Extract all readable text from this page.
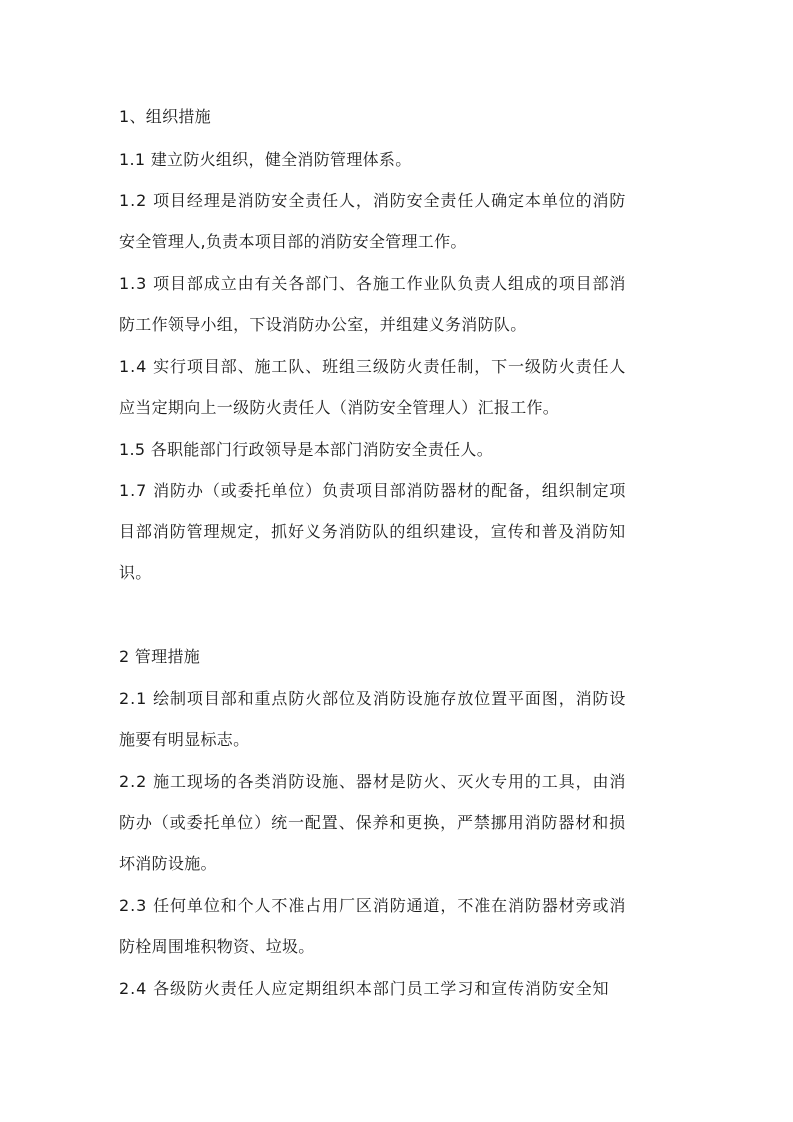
1、组织措施
1.1 建立防火组织，健全消防管理体系。
1.2 项目经理是消防安全责任人，消防安全责任人确定本单位的消防
安全管理人,负责本项目部的消防安全管理工作。
1.3 项目部成立由有关各部门、各施工作业队负责人组成的项目部消
防工作领导小组，下设消防办公室，并组建义务消防队。
1.4 实行项目部、施工队、班组三级防火责任制，下一级防火责任人
应当定期向上一级防火责任人（消防安全管理人）汇报工作。
1.5 各职能部门行政领导是本部门消防安全责任人。
1.7 消防办（或委托单位）负责项目部消防器材的配备，组织制定项
目部消防管理规定，抓好义务消防队的组织建设，宣传和普及消防知
识。
2 管理措施
2.1 绘制项目部和重点防火部位及消防设施存放位置平面图，消防设
施要有明显标志。
2.2 施工现场的各类消防设施、器材是防火、灭火专用的工具，由消
防办（或委托单位）统一配置、保养和更换，严禁挪用消防器材和损
坏消防设施。
2.3 任何单位和个人不准占用厂区消防通道，不准在消防器材旁或消
防栓周围堆积物资、垃圾。
2.4 各级防火责任人应定期组织本部门员工学习和宣传消防安全知
